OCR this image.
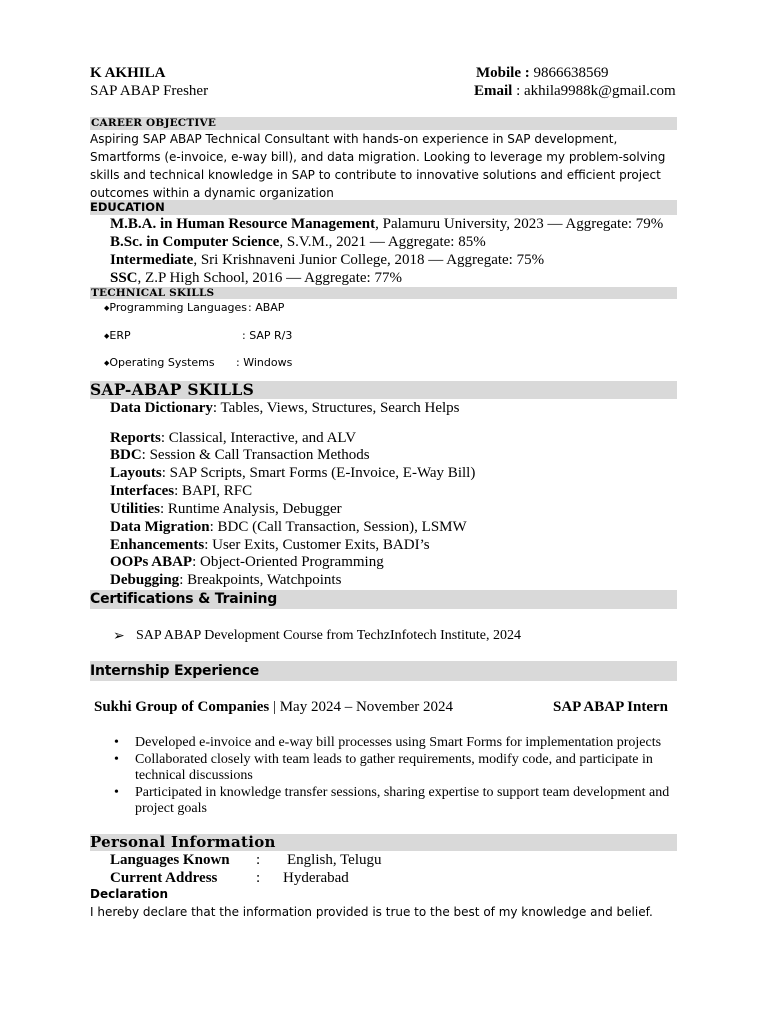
K AKHILA
SAP ABAP Fresher
Mobile : 9866638569
Email : akhila9988k@gmail.com
CAREER OBJECTIVE
Aspiring SAP ABAP Technical Consultant with hands-on experience in SAP development, Smartforms (e-invoice, e-way bill), and data migration. Looking to leverage my problem-solving skills and technical knowledge in SAP to contribute to innovative solutions and efficient project outcomes within a dynamic organization
EDUCATION
M.B.A. in Human Resource Management, Palamuru University, 2023 — Aggregate: 79%
B.Sc. in Computer Science, S.V.M., 2021 — Aggregate: 85%
Intermediate, Sri Krishnaveni Junior College, 2018 — Aggregate: 75%
SSC, Z.P High School, 2016 — Aggregate: 77%
TECHNICAL SKILLS
◆Programming Languages : ABAP
◆ERP	: SAP R/3
◆Operating Systems : Windows
SAP-ABAP SKILLS
Data Dictionary: Tables, Views, Structures, Search Helps
Reports: Classical, Interactive, and ALV
BDC: Session & Call Transaction Methods
Layouts: SAP Scripts, Smart Forms (E-Invoice, E-Way Bill)
Interfaces: BAPI, RFC
Utilities: Runtime Analysis, Debugger
Data Migration: BDC (Call Transaction, Session), LSMW
Enhancements: User Exits, Customer Exits, BADI’s
OOPs ABAP: Object-Oriented Programming
Debugging: Breakpoints, Watchpoints
Certifications & Training
➢ SAP ABAP Development Course from TechzInfotech Institute, 2024
Internship Experience
Sukhi Group of Companies | May 2024 – November 2024	SAP ABAP Intern
• Developed e-invoice and e-way bill processes using Smart Forms for implementation projects
• Collaborated closely with team leads to gather requirements, modify code, and participate in technical discussions
• Participated in knowledge transfer sessions, sharing expertise to support team development and project goals
Personal Information
Languages Known : English, Telugu
Current Address	: Hyderabad
Declaration
I hereby declare that the information provided is true to the best of my knowledge and belief.
